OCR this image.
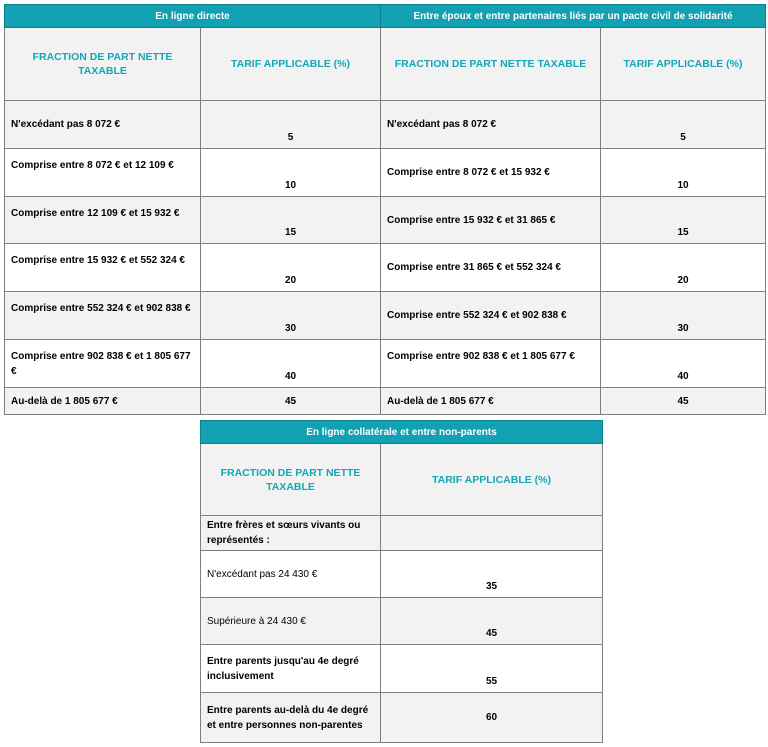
En ligne directe		Entre époux et entre partenaires liés par un pacte civil de solidarité	
FRACTION DE PART NETTE TAXABLE	TARIF APPLICABLE (%)	FRACTION DE PART NETTE TAXABLE	TARIF APPLICABLE (%)
N'excédant pas 8 072 €	5	N'excédant pas 8 072 €	5
Comprise entre 8 072 € et 12 109 €	10	Comprise entre 8 072 € et 15 932 €	10
Comprise entre 12 109 € et 15 932 €	15	Comprise entre 15 932 € et 31 865 €	15
Comprise entre 15 932 € et 552 324 €	20	Comprise entre 31 865 € et 552 324 €	20
Comprise entre 552 324 € et 902 838 €	30	Comprise entre 552 324 € et 902 838 €	30
Comprise entre 902 838 € et 1 805 677 €	40	Comprise entre 902 838 € et 1 805 677 €	40
Au-delà de 1 805 677 €	45	Au-delà de 1 805 677 €	45
En ligne collatérale et entre non-parents	
FRACTION DE PART NETTE TAXABLE	TARIF APPLICABLE (%)
Entre frères et sœurs vivants ou représentés :	
N'excédant pas 24 430 €	35
Supérieure à 24 430 €	45
Entre parents jusqu'au 4e degré inclusivement	55
Entre parents au-delà du 4e degré et entre personnes non-parentes	60
